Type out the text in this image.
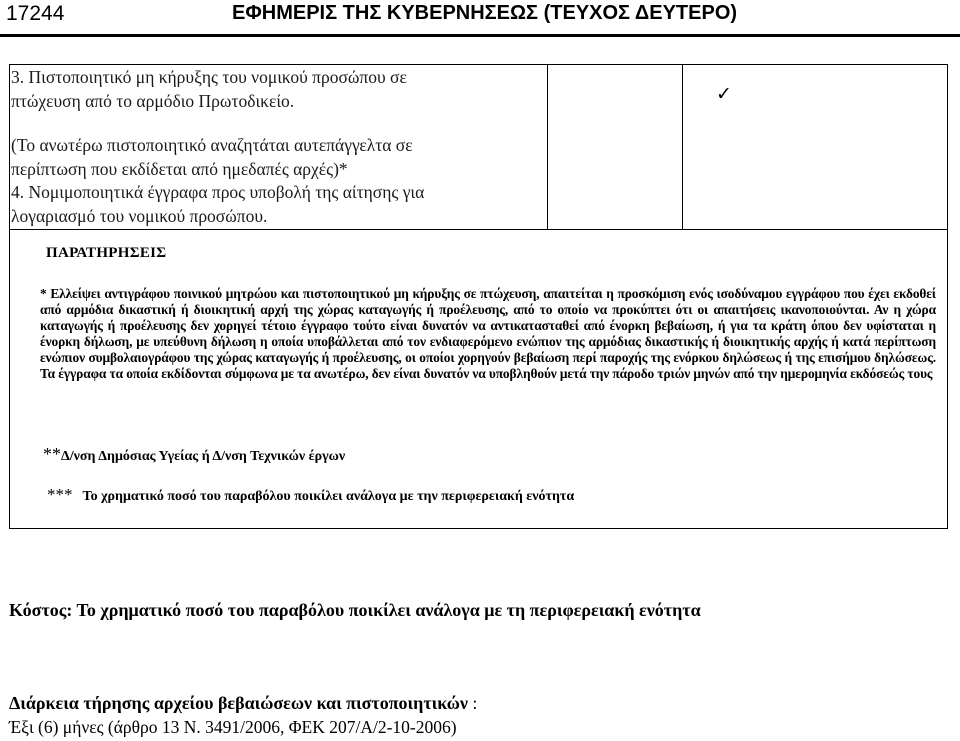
17244	ΕΦΗΜΕΡΙΣ ΤΗΣ ΚΥΒΕΡΝΗΣΕΩΣ (ΤΕΥΧΟΣ ΔΕΥΤΕΡΟ)
3. Πιστοποιητικό μη κήρυξης του νομικού προσώπου σε
πτώχευση από το αρμόδιο Πρωτοδικείο.	✓
(Το ανωτέρω πιστοποιητικό αναζητάται αυτεπάγγελτα σε
περίπτωση που εκδίδεται από ημεδαπές αρχές)*
4. Νομιμοποιητικά έγγραφα προς υποβολή της αίτησης για
λογαριασμό του νομικού προσώπου.
ΠΑΡΑΤΗΡΗΣΕΙΣ
* Ελλείψει αντιγράφου ποινικού μητρώου και πιστοποιητικού μη κήρυξης σε πτώχευση, απαιτείται η προσκόμιση ενός ισοδύναμου εγγράφου που έχει εκδοθεί από αρμόδια δικαστική ή διοικητική αρχή της χώρας καταγωγής ή προέλευσης, από το οποίο να προκύπτει ότι οι απαιτήσεις ικανοποιούνται. Αν η χώρα καταγωγής ή προέλευσης δεν χορηγεί τέτοιο έγγραφο τούτο είναι δυνατόν να αντικατασταθεί από ένορκη βεβαίωση, ή για τα κράτη όπου δεν υφίσταται η ένορκη δήλωση, με υπεύθυνη δήλωση η οποία υποβάλλεται από τον ενδιαφερόμενο ενώπιον της αρμόδιας δικαστικής ή διοικητικής αρχής ή κατά περίπτωση ενώπιον συμβολαιογράφου της χώρας καταγωγής ή προέλευσης, οι οποίοι χορηγούν βεβαίωση περί παροχής της ενόρκου δηλώσεως ή της επισήμου δηλώσεως. Τα έγγραφα τα οποία εκδίδονται σύμφωνα με τα ανωτέρω, δεν είναι δυνατόν να υποβληθούν μετά την πάροδο τριών μηνών από την ημερομηνία εκδόσεώς τους
**Δ/νση Δημόσιας Υγείας ή Δ/νση Τεχνικών έργων
*** Το χρηματικό ποσό του παραβόλου ποικίλει ανάλογα με την περιφερειακή ενότητα
Κόστος: Το χρηματικό ποσό του παραβόλου ποικίλει ανάλογα με τη περιφερειακή ενότητα
Διάρκεια τήρησης αρχείου βεβαιώσεων και πιστοποιητικών :
Έξι (6) μήνες (άρθρο 13 Ν. 3491/2006, ΦΕΚ 207/Α/2-10-2006)
